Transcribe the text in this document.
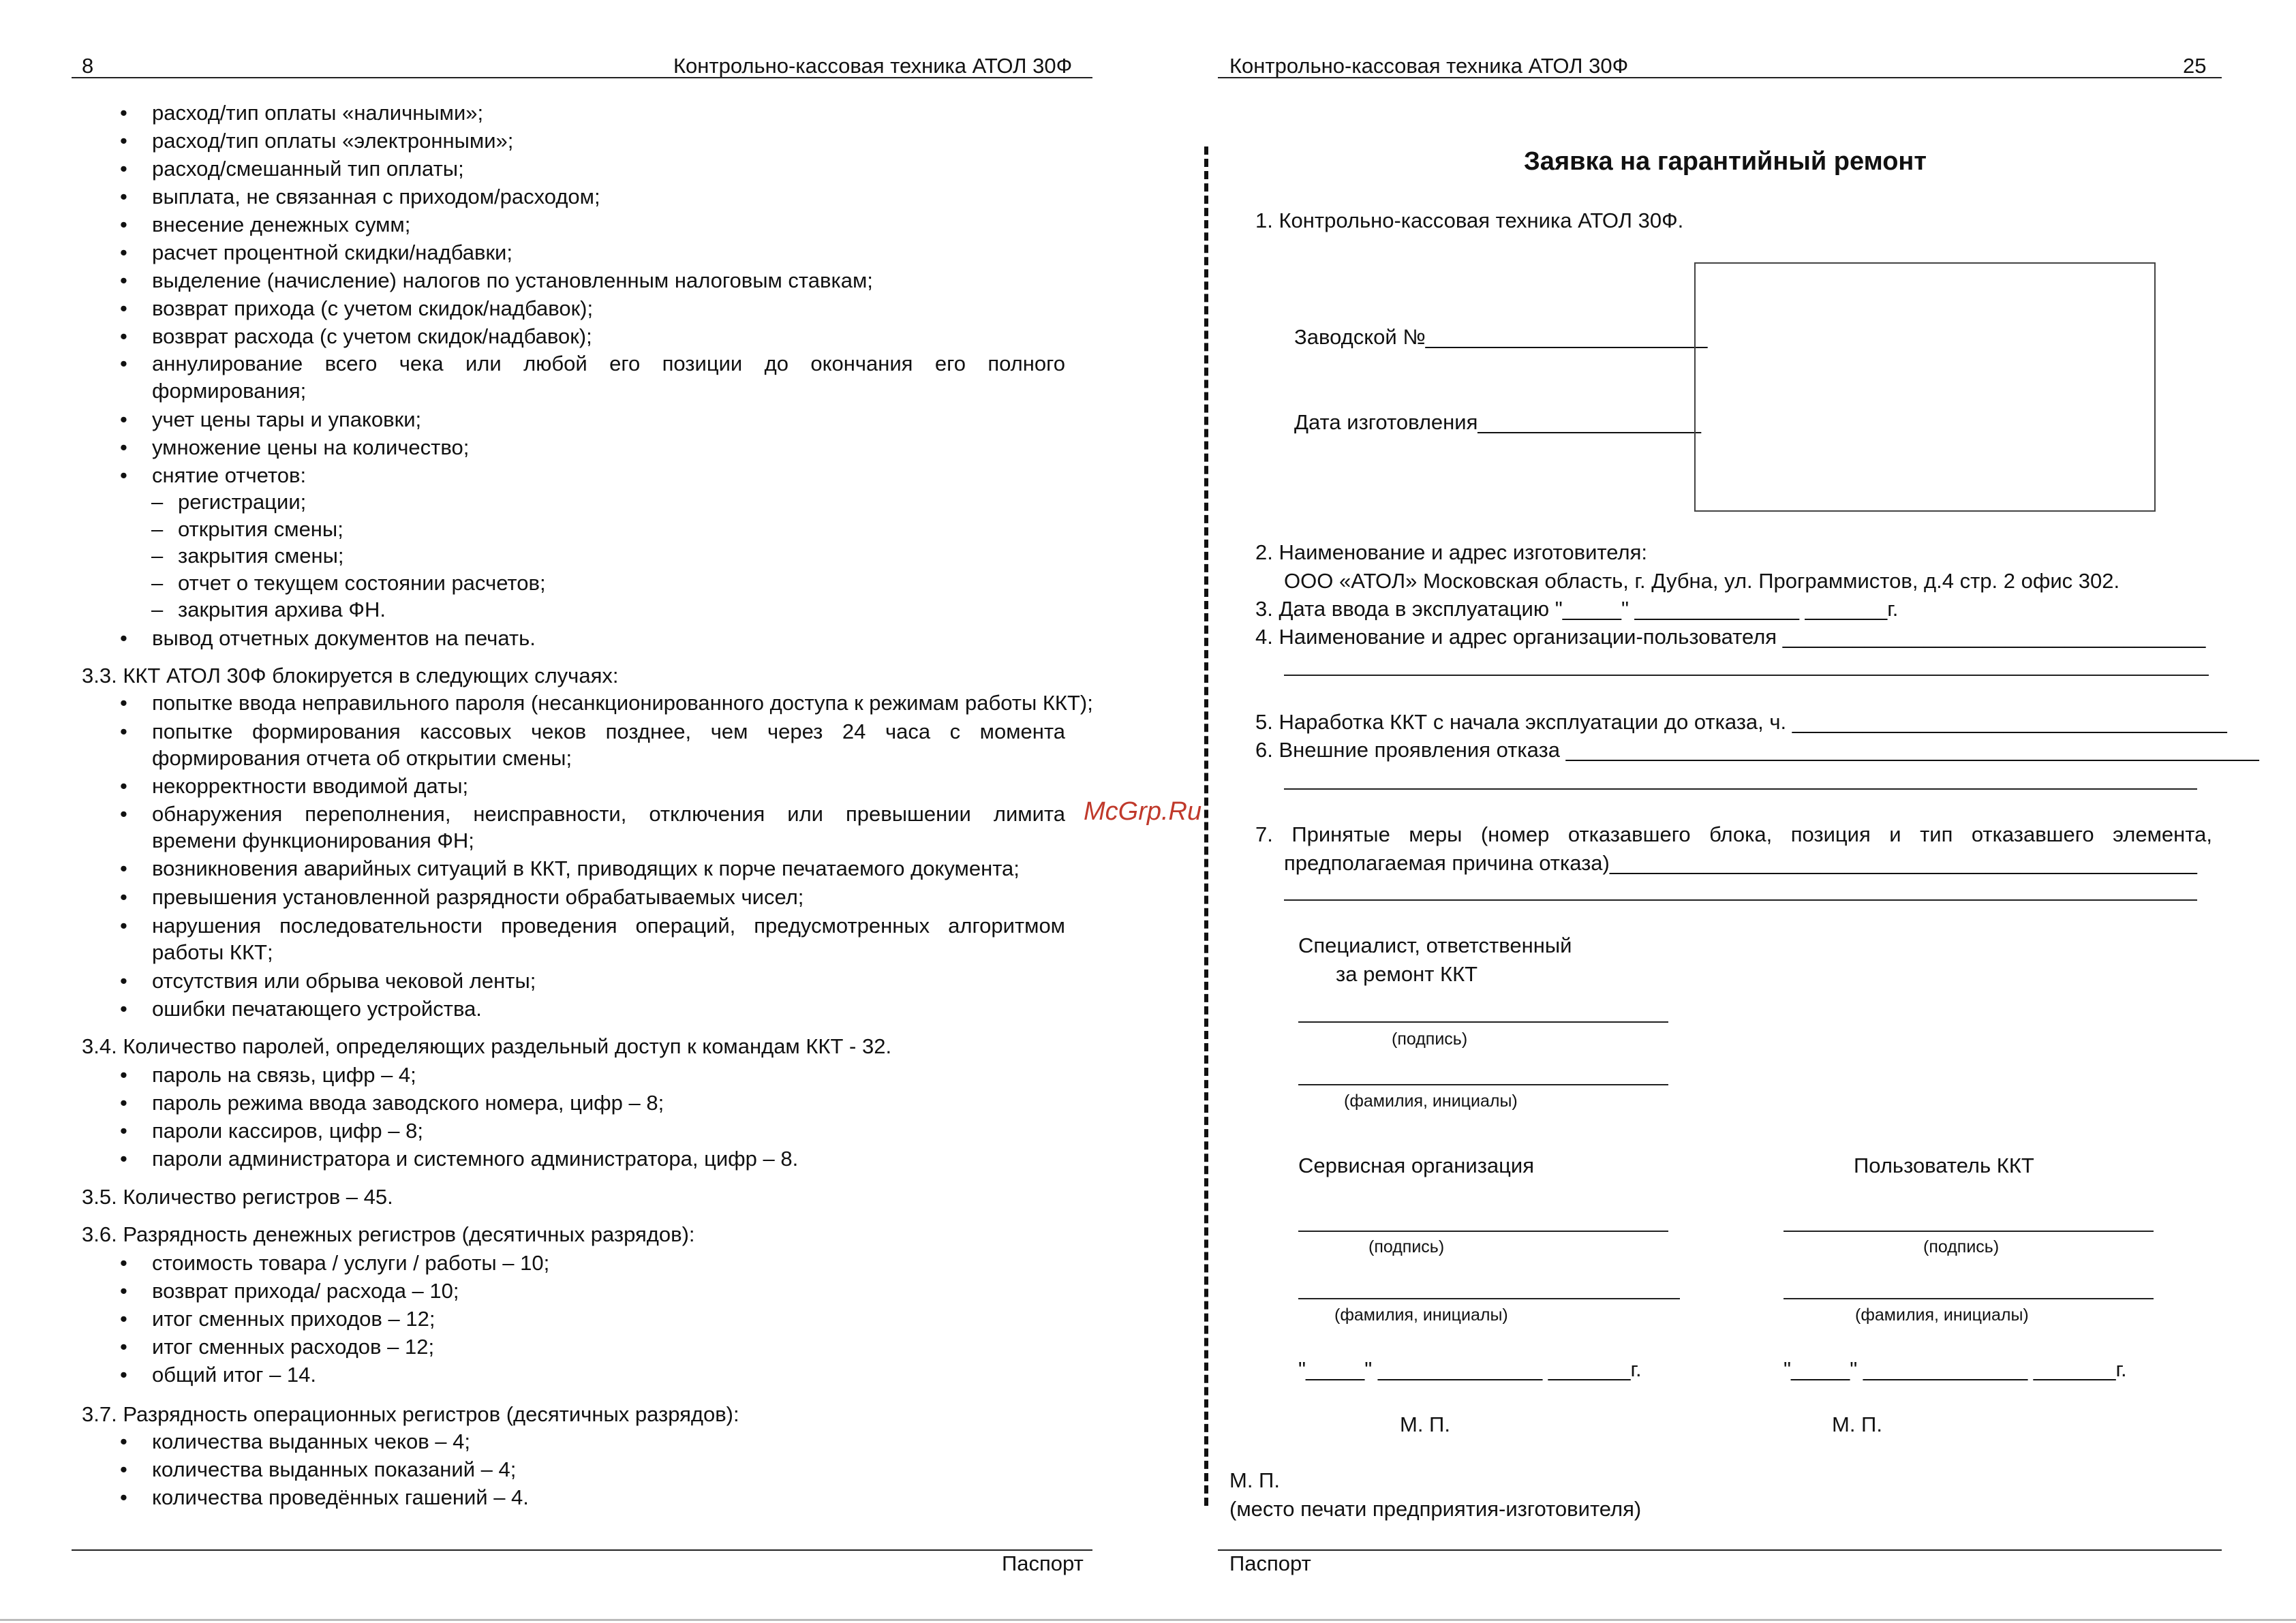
8	Контрольно-кассовая техника АТОЛ 30Ф
• расход/тип оплаты «наличными»;
• расход/тип оплаты «электронными»;
• расход/смешанный тип оплаты;
• выплата, не связанная с приходом/расходом;
• внесение денежных сумм;
• расчет процентной скидки/надбавки;
• выделение (начисление) налогов по установленным налоговым ставкам;
• возврат прихода (с учетом скидок/надбавок);
• возврат расхода (с учетом скидок/надбавок);
• аннулирование всего чека или любой его позиции до окончания его полного
формирования;
• учет цены тары и упаковки;
• умножение цены на количество;
• снятие отчетов:
– регистрации;
– открытия смены;
– закрытия смены;
– отчет о текущем состоянии расчетов;
– закрытия архива ФН.
• вывод отчетных документов на печать.
3.3. ККТ АТОЛ 30Ф блокируется в следующих случаях:
• попытке ввода неправильного пароля (несанкционированного доступа к режимам работы ККТ);
• попытке формирования кассовых чеков позднее, чем через 24 часа с момента
формирования отчета об открытии смены;
• некорректности вводимой даты;
• обнаружения переполнения, неисправности, отключения или превышении лимита
времени функционирования ФН;
• возникновения аварийных ситуаций в ККТ, приводящих к порче печатаемого документа;
• превышения установленной разрядности обрабатываемых чисел;
• нарушения последовательности проведения операций, предусмотренных алгоритмом
работы ККТ;
• отсутствия или обрыва чековой ленты;
• ошибки печатающего устройства.
3.4. Количество паролей, определяющих раздельный доступ к командам ККТ - 32.
• пароль на связь, цифр – 4;
• пароль режима ввода заводского номера, цифр – 8;
• пароли кассиров, цифр – 8;
• пароли администратора и системного администратора, цифр – 8.
3.5. Количество регистров – 45.
3.6. Разрядность денежных регистров (десятичных разрядов):
• стоимость товара / услуги / работы – 10;
• возврат прихода/ расхода – 10;
• итог сменных приходов – 12;
• итог сменных расходов – 12;
• общий итог – 14.
3.7. Разрядность операционных регистров (десятичных разрядов):
• количества выданных чеков – 4;
• количества выданных показаний – 4;
• количества проведённых гашений – 4.
Паспорт
McGrp.Ru
Контрольно-кассовая техника АТОЛ 30Ф	25
Заявка на гарантийный ремонт
1. Контрольно-кассовая техника АТОЛ 30Ф.
Заводской №________________________
Дата изготовления___________________
2. Наименование и адрес изготовителя:
ООО «АТОЛ» Московская область, г. Дубна, ул. Программистов, д.4 стр. 2 офис 302.
3. Дата ввода в эксплуатацию "_____" ______________ _______г.
4. Наименование и адрес организации-пользователя ____________________________________
5. Наработка ККТ с начала эксплуатации до отказа, ч. _____________________________________
6. Внешние проявления отказа ___________________________________________________________
7. Принятые меры (номер отказавшего блока, позиция и тип отказавшего элемента,
предполагаемая причина отказа)__________________________________________________
Специалист, ответственный
за ремонт ККТ
(подпись)
(фамилия, инициалы)
Сервисная организация	Пользователь ККТ
(подпись)	(подпись)
(фамилия, инициалы)	(фамилия, инициалы)
"_____" ______________ _______г.	"_____" ______________ _______г.
М. П.	М. П.
М. П.
(место печати предприятия-изготовителя)
Паспорт
